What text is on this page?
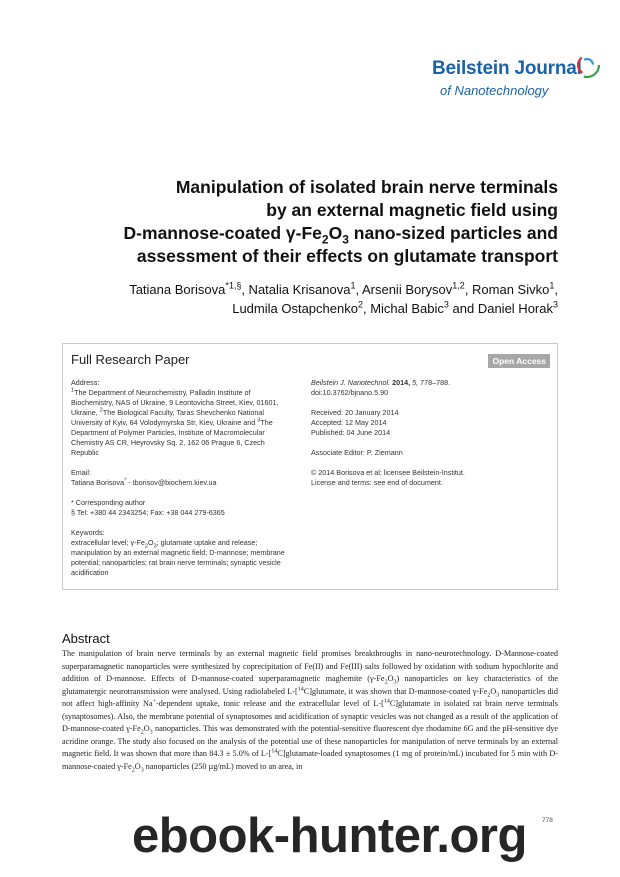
Beilstein Journal
of Nanotechnology
Manipulation of isolated brain nerve terminals
by an external magnetic field using
D-mannose-coated $\gamma-Fe_2O_3$ nano-sized particles and
assessment of their effects on glutamate transport
Tatiana Borisova$^{*1,\S}$, Natalia Krisanova$^1$, Arsenii Borysov$^{1,2}$, Roman Sivko$^1$,
Ludmila Ostapchenko$^2$, Michal Babic$^3$ and Daniel Horak$^3$
Full Research Paper	Open Access

Address:

$^1$The Department of Neurochemistry, Palladin Institute of Biochemistry, NAS of Ukraine, 9 Leontovicha Street, Kiev, 01601, Ukraine, $^2$The Biological Faculty, Taras Shevchenko National University of Kyiv, 64 Volodymyrska Str, Kiev, Ukraine and $^3$The Department of Polymer Particles, Institute of Macromolecular Chemistry AS CR, Heyrovsky Sq. 2, 162 06 Prague 6, Czech Republic

Email:

Tatiana Borisova* - tborisov@biochem.kiev.ua

* Corresponding author

§ Tel: +380 44 2343254; Fax: +38 044 279-6365

Keywords:

extracellular level; $\gamma-Fe_2O_3$; glutamate uptake and release; manipulation by an external magnetic field; D-mannose; membrane potential; nanoparticles; rat brain nerve terminals; synaptic vesicle acidification

Beilstein J. Nanotechnol. 2014, 5, 778–788.

doi:10.3762/bjnano.5.90

Received: 20 January 2014

Accepted: 12 May 2014

Published: 04 June 2014

Associate Editor: P. Ziemann

© 2014 Borisova et al; licensee Beilstein-Institut.

License and terms: see end of document.

Abstract

The manipulation of brain nerve terminals by an external magnetic field promises breakthroughs in nano-neurotechnology. D-Mannose-coated superparamagnetic nanoparticles were synthesized by coprecipitation of Fe(II) and Fe(III) salts followed by oxidation with sodium hypochlorite and addition of D-mannose. Effects of D-mannose-coated superparamagnetic maghemite $(\gamma-Fe_2O_3)$ nanoparticles on key characteristics of the glutamatergic neurotransmission were analysed. Using radiolabeled L-[$^{14}$C]glutamate, it was shown that D-mannose-coated $\gamma-Fe_2O_3$ nanoparticles did not affect high-affinity Na+-dependent uptake, tonic release and the extracellular level of L-[$^{14}$C]glutamate in isolated rat brain nerve terminals (synaptosomes). Also, the membrane potential of synaptosomes and acidification of synaptic vesicles was not changed as a result of the application of D-mannose-coated $\gamma-Fe_2O_3$ nanoparticles. This was demonstrated with the potential-sensitive fluorescent dye rhodamine 6G and the pH-sensitive dye acridine orange. The study also focused on the analysis of the potential use of these nanoparticles for manipulation of nerve terminals by an external magnetic field. It was shown that more than 84.3 ± 5.0% of L-[$^{14}$C]glutamate-loaded synaptosomes (1 mg of protein/mL) incubated for 5 min with D-mannose-coated $\gamma-Fe_2O_3$ nanoparticles (250 µg/mL) moved to an area, in

778
ebook-hunter.org
